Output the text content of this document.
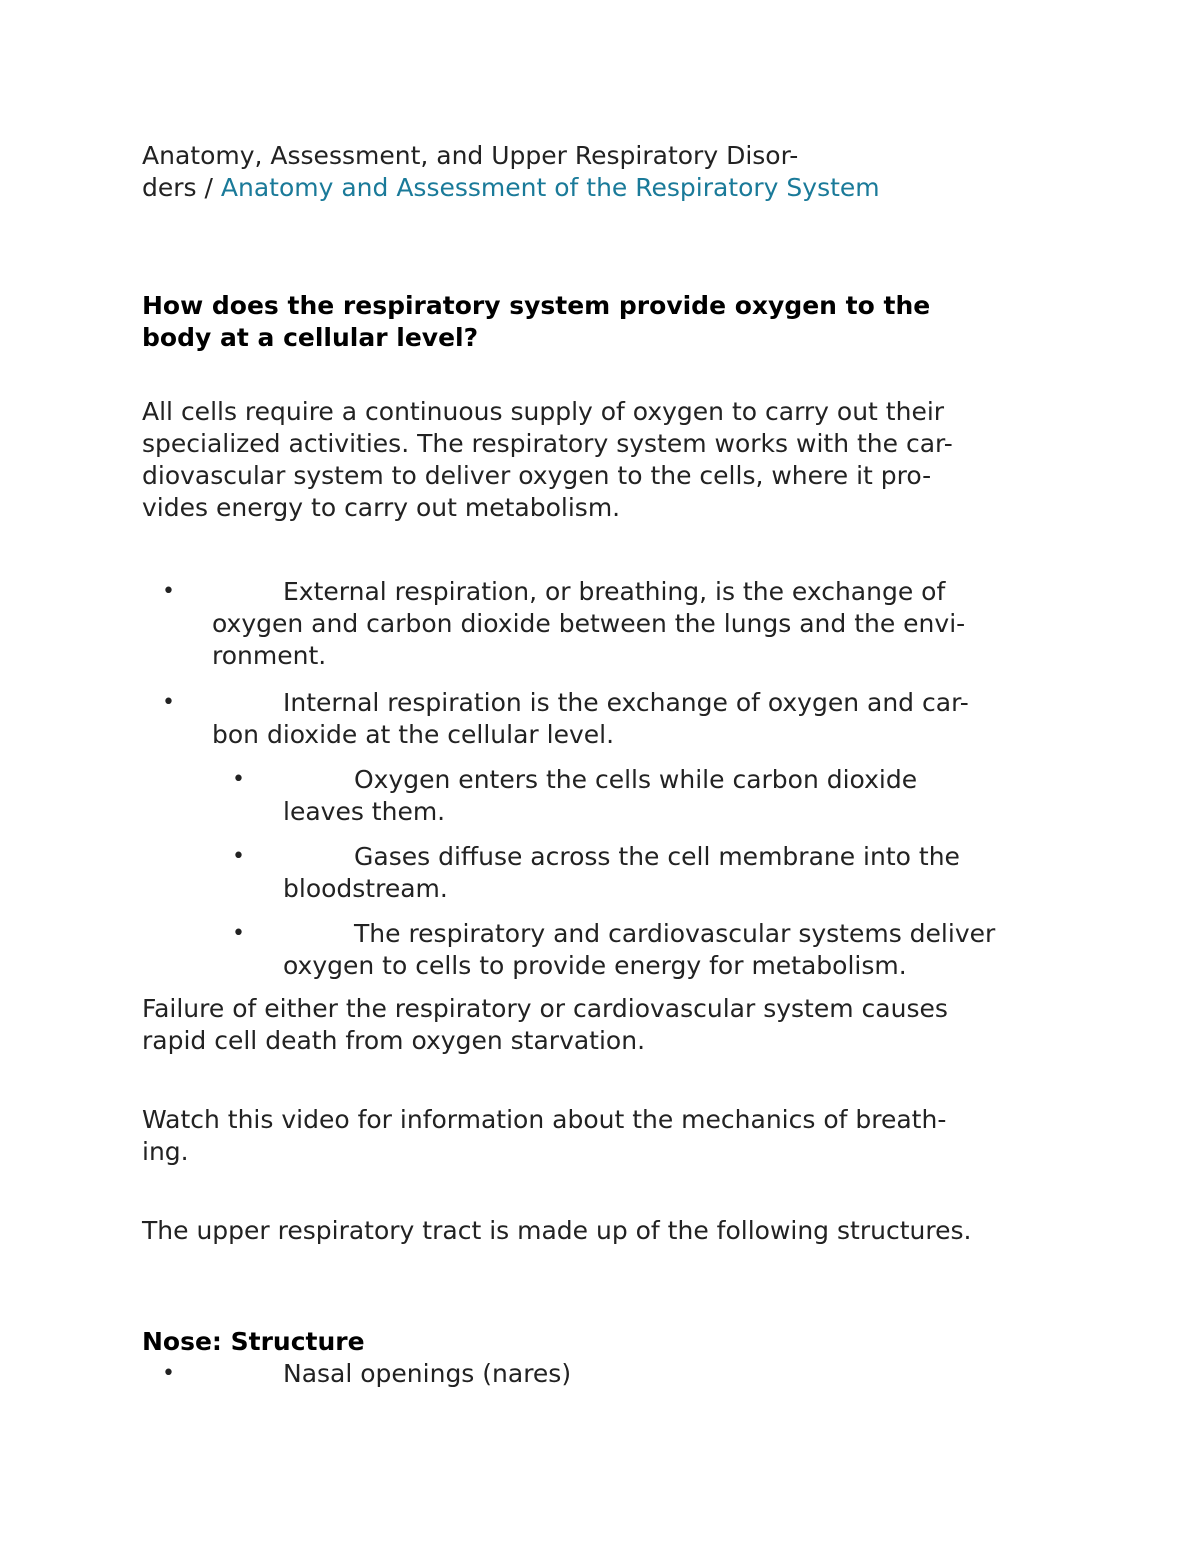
Anatomy, Assessment, and Upper Respiratory Disor-
ders / Anatomy and Assessment of the Respiratory System
How does the respiratory system provide oxygen to the
body at a cellular level?
All cells require a continuous supply of oxygen to carry out their
specialized activities. The respiratory system works with the car-
diovascular system to deliver oxygen to the cells, where it pro-
vides energy to carry out metabolism.
•	External respiration, or breathing, is the exchange of
oxygen and carbon dioxide between the lungs and the envi-
ronment.
•	Internal respiration is the exchange of oxygen and car-
bon dioxide at the cellular level.
•	Oxygen enters the cells while carbon dioxide
leaves them.
•	Gases diffuse across the cell membrane into the
bloodstream.
•	The respiratory and cardiovascular systems deliver
oxygen to cells to provide energy for metabolism.
Failure of either the respiratory or cardiovascular system causes
rapid cell death from oxygen starvation.
Watch this video for information about the mechanics of breath-
ing.
The upper respiratory tract is made up of the following structures.
Nose: Structure
•	Nasal openings (nares)
